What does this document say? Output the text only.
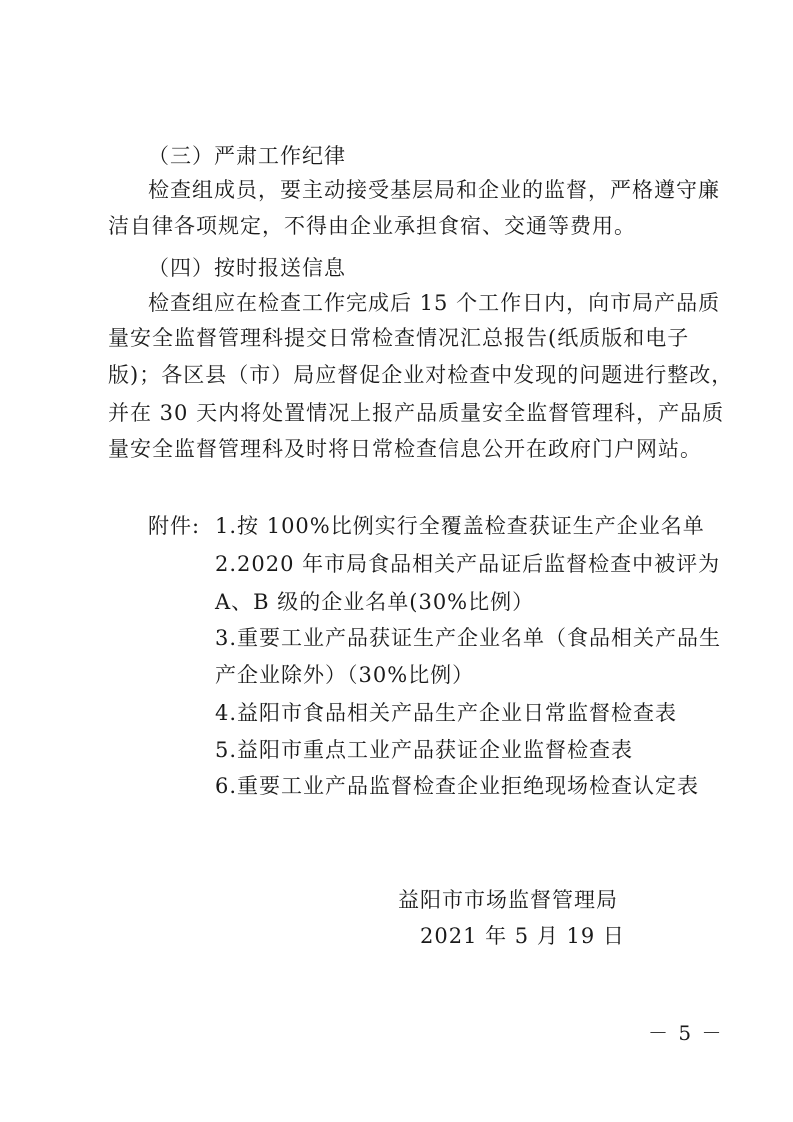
（三）严肃工作纪律
检查组成员，要主动接受基层局和企业的监督，严格遵守廉
洁自律各项规定，不得由企业承担食宿、交通等费用。
（四）按时报送信息
检查组应在检查工作完成后 15 个工作日内，向市局产品质
量安全监督管理科提交日常检查情况汇总报告(纸质版和电子
版)；各区县（市）局应督促企业对检查中发现的问题进行整改，
并在 30 天内将处置情况上报产品质量安全监督管理科，产品质
量安全监督管理科及时将日常检查信息公开在政府门户网站。
附件: 1.按 100%比例实行全覆盖检查获证生产企业名单
2.2020 年市局食品相关产品证后监督检查中被评为
A、B 级的企业名单(30%比例）
3.重要工业产品获证生产企业名单（食品相关产品生
产企业除外）（30%比例）
4.益阳市食品相关产品生产企业日常监督检查表
5.益阳市重点工业产品获证企业监督检查表
6.重要工业产品监督检查企业拒绝现场检查认定表
益阳市市场监督管理局
2021 年 5 月 19 日
－ 5 －
